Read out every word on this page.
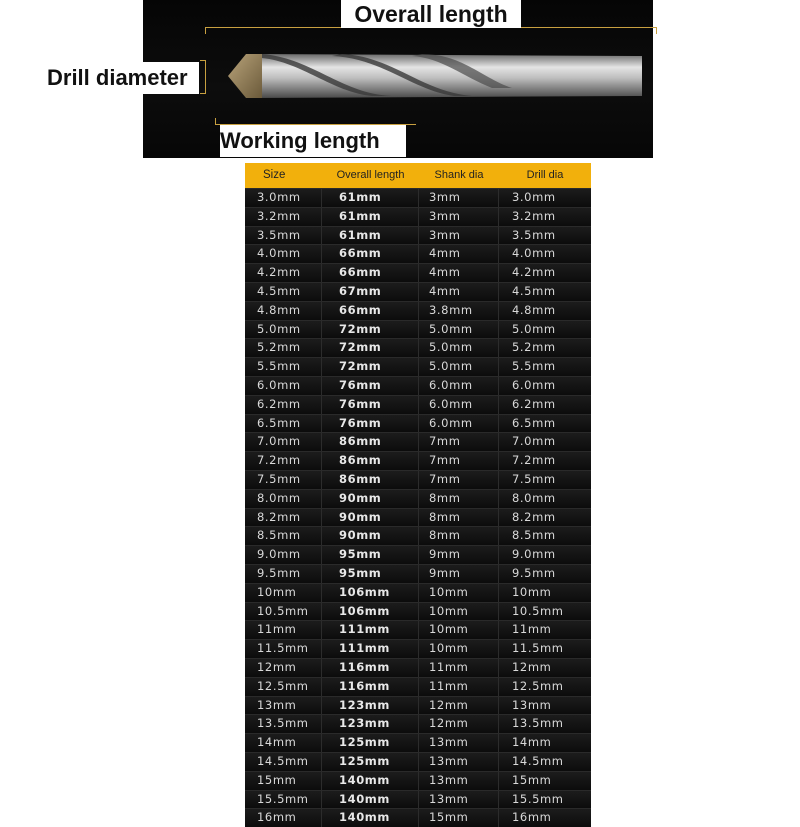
Overall length
Drill diameter
Working length
Size	Overall length	Shank dia	Drill dia
3.0mm	61mm	3mm	3.0mm
3.2mm	61mm	3mm	3.2mm
3.5mm	61mm	3mm	3.5mm
4.0mm	66mm	4mm	4.0mm
4.2mm	66mm	4mm	4.2mm
4.5mm	67mm	4mm	4.5mm
4.8mm	66mm	3.8mm	4.8mm
5.0mm	72mm	5.0mm	5.0mm
5.2mm	72mm	5.0mm	5.2mm
5.5mm	72mm	5.0mm	5.5mm
6.0mm	76mm	6.0mm	6.0mm
6.2mm	76mm	6.0mm	6.2mm
6.5mm	76mm	6.0mm	6.5mm
7.0mm	86mm	7mm	7.0mm
7.2mm	86mm	7mm	7.2mm
7.5mm	86mm	7mm	7.5mm
8.0mm	90mm	8mm	8.0mm
8.2mm	90mm	8mm	8.2mm
8.5mm	90mm	8mm	8.5mm
9.0mm	95mm	9mm	9.0mm
9.5mm	95mm	9mm	9.5mm
10mm	106mm	10mm	10mm
10.5mm	106mm	10mm	10.5mm
11mm	111mm	10mm	11mm
11.5mm	111mm	10mm	11.5mm
12mm	116mm	11mm	12mm
12.5mm	116mm	11mm	12.5mm
13mm	123mm	12mm	13mm
13.5mm	123mm	12mm	13.5mm
14mm	125mm	13mm	14mm
14.5mm	125mm	13mm	14.5mm
15mm	140mm	13mm	15mm
15.5mm	140mm	13mm	15.5mm
16mm	140mm	15mm	16mm
